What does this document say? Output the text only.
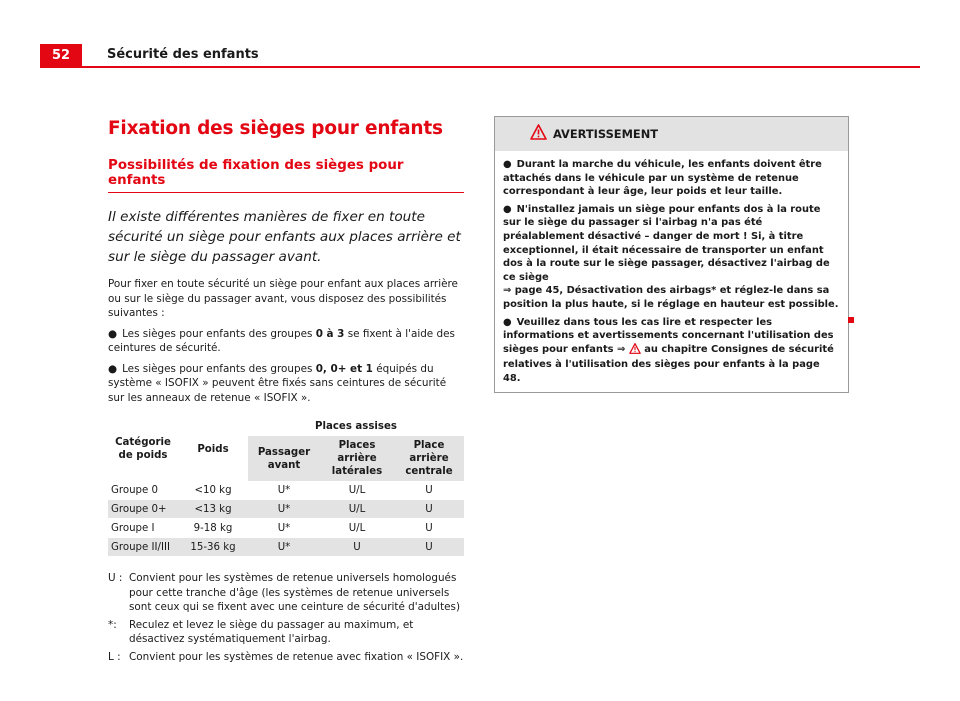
52	Sécurité des enfants
Fixation des sièges pour enfants
Possibilités de fixation des sièges pour enfants

Il existe différentes manières de fixer en toute sécurité un siège pour enfants aux places arrière et sur le siège du passager avant.

Pour fixer en toute sécurité un siège pour enfant aux places arrière ou sur le siège du passager avant, vous disposez des possibilités suivantes :

● Les sièges pour enfants des groupes 0 à 3 se fixent à l'aide des ceintures de sécurité.

● Les sièges pour enfants des groupes 0, 0+ et 1 équipés du système « ISOFIX » peuvent être fixés sans ceintures de sécurité sur les anneaux de retenue « ISOFIX ».

Catégorie de poids	Poids	Places assises		
		Passager avant	Places arrière latérales	Place arrière centrale
Groupe 0	<10 kg	U*	U/L	U
Groupe 0+	<13 kg	U*	U/L	U
Groupe I	9-18 kg	U*	U/L	U
Groupe II/III	15-36 kg	U*	U	U
U : Convient pour les systèmes de retenue universels homologués pour cette tranche d'âge (les systèmes de retenue universels sont ceux qui se fixent avec une ceinture de sécurité d'adultes)
*:	Reculez et levez le siège du passager au maximum, et désactivez systématiquement l'airbag.
L : Convient pour les systèmes de retenue avec fixation « ISOFIX ».
AVERTISSEMENT

● Durant la marche du véhicule, les enfants doivent être attachés dans le véhicule par un système de retenue correspondant à leur âge, leur poids et leur taille.

● N'installez jamais un siège pour enfants dos à la route sur le siège du passager si l'airbag n'a pas été préalablement désactivé – danger de mort ! Si, à titre exceptionnel, il était nécessaire de transporter un enfant dos à la route sur le siège passager, désactivez l'airbag de ce siège
⇒ page 45, Désactivation des airbags* et réglez-le dans sa position la plus haute, si le réglage en hauteur est possible.

● Veuillez dans tous les cas lire et respecter les informations et avertissements concernant l'utilisation des sièges pour enfants ⇒  au chapitre Consignes de sécurité relatives à l'utilisation des sièges pour enfants à la page 48.
